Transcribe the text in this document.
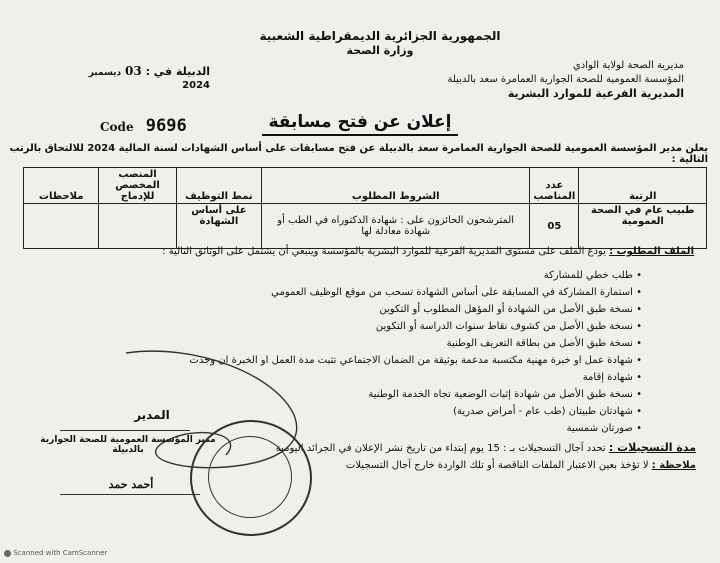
الجمهورية الجزائرية الديمقراطية الشعبية
وزارة الصحة
مديرية الصحة لولاية الوادي
المؤسسة العمومية للصحة الجوارية العمامرة سعد بالدبيلة
المديرية الفرعية للموارد البشرية
الدبيلة في : 03 ديسمبر 2024
Code 9696	إعلان عن فتح مسابقة
يعلن مدير المؤسسة العمومية للصحة الجوارية العمامرة سعد بالدبيلة عن فتح مسابقات على أساس الشهادات لسنة المالية 2024 للالتحاق بالرتب التالية :
الرتبة	عدد المناصب	الشروط المطلوب	نمط التوظيف	المنصب المخصص للإدماج	ملاحظات
طبيب عام في الصحة العمومية	05	المترشحون الحائزون على : شهادة الدكتوراه في الطب أو شهادة معادلة لها	على أساس الشهادة		
الملف المطلوب : يودع الملف على مستوى المديرية الفرعية للموارد البشرية بالمؤسسة وينبغي أن يشتمل على الوثائق التالية :
• طلب خطي للمشاركة
• استمارة المشاركة في المسابقة على أساس الشهادة تسحب من موقع الوظيف العمومي
• نسخة طبق الأصل من الشهادة أو المؤهل المطلوب أو التكوين
• نسخة طبق الأصل من كشوف نقاط سنوات الدراسة أو التكوين
• نسخة طبق الأصل من بطاقة التعريف الوطنية
• شهادة عمل او خبرة مهنية مكتسبة مدعمة بوثيقة من الضمان الاجتماعي تثبت مدة العمل او الخبرة ان وجدت
• شهادة إقامة
• نسخة طبق الأصل من شهادة إثبات الوضعية تجاه الخدمة الوطنية
• شهادتان طبيتان (طب عام - أمراض صدرية)
• صورتان شمسية
مدة التسجيلات : تحدد آجال التسجيلات بـ : 15 يوم إبتداء من تاريخ نشر الإعلان في الجرائد اليومية
ملاحظة : لا تؤخذ بعين الاعتبار الملفات الناقصة أو تلك الواردة خارج آجال التسجيلات
المدير
مدير المؤسسة العمومية للصحة الجوارية بالدبيلة
أحمد حمد
Scanned with CamScanner
